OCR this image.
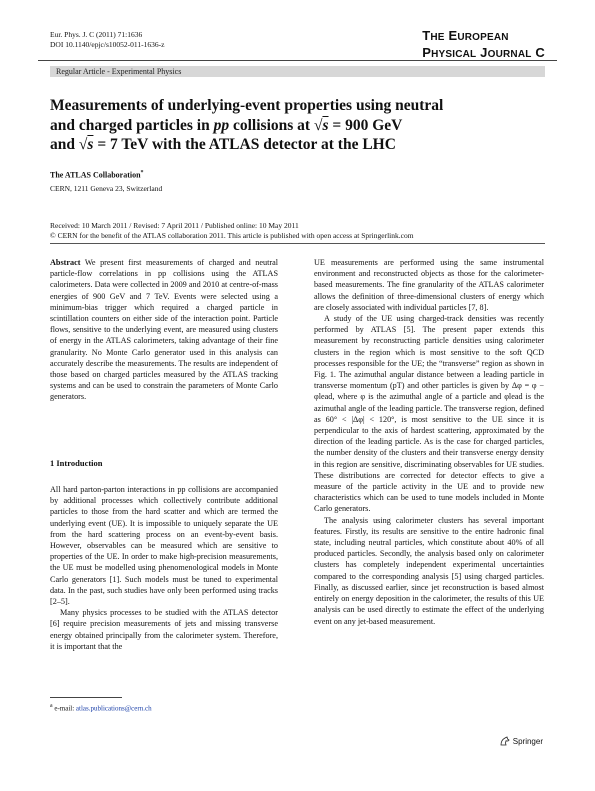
Eur. Phys. J. C (2011) 71:1636
DOI 10.1140/epjc/s10052-011-1636-z
THE EUROPEAN
PHYSICAL JOURNAL C
Regular Article - Experimental Physics
Measurements of underlying-event properties using neutral
and charged particles in pp collisions at √s = 900 GeV
and √s = 7 TeV with the ATLAS detector at the LHC
The ATLAS Collaboration*
CERN, 1211 Geneva 23, Switzerland
Received: 10 March 2011 / Revised: 7 April 2011 / Published online: 10 May 2011
© CERN for the benefit of the ATLAS collaboration 2011. This article is published with open access at Springerlink.com

Abstract We present first measurements of charged and neutral particle-flow correlations in pp collisions using the ATLAS calorimeters. Data were collected in 2009 and 2010 at centre-of-mass energies of 900 GeV and 7 TeV. Events were selected using a minimum-bias trigger which required a charged particle in scintillation counters on either side of the interaction point. Particle flows, sensitive to the underlying event, are measured using clusters of energy in the ATLAS calorimeters, taking advantage of their fine granularity. No Monte Carlo generator used in this analysis can accurately describe the measurements. The results are independent of those based on charged particles measured by the ATLAS tracking systems and can be used to constrain the parameters of Monte Carlo generators.

1 Introduction

All hard parton-parton interactions in pp collisions are accompanied by additional processes which collectively contribute additional particles to those from the hard scatter and which are termed the underlying event (UE). It is impossible to uniquely separate the UE from the hard scattering process on an event-by-event basis. However, observables can be measured which are sensitive to properties of the UE. In order to make high-precision measurements, the UE must be modelled using phenomenological models in Monte Carlo generators [1]. Such models must be tuned to experimental data. In the past, such studies have only been performed using tracks [2–5].

Many physics processes to be studied with the ATLAS detector [6] require precision measurements of jets and missing transverse energy obtained principally from the calorimeter system. Therefore, it is important that the

UE measurements are performed using the same instrumental environment and reconstructed objects as those for the calorimeter-based measurements. The fine granularity of the ATLAS calorimeter allows the definition of three-dimensional clusters of energy which are closely associated with individual particles [7, 8].

A study of the UE using charged-track densities was recently performed by ATLAS [5]. The present paper extends this measurement by reconstructing particle densities using calorimeter clusters in the region which is most sensitive to the soft QCD processes responsible for the UE; the “transverse” region as shown in Fig. 1. The azimuthal angular distance between a leading particle in transverse momentum (pT) and other particles is given by Δφ = φ − φlead, where φ is the azimuthal angle of a particle and φlead is the azimuthal angle of the leading particle. The transverse region, defined as 60° < |Δφ| < 120°, is most sensitive to the UE since it is perpendicular to the axis of hardest scattering, approximated by the direction of the leading particle. As is the case for charged particles, the number density of the clusters and their transverse energy density in this region are sensitive, discriminating observables for UE studies. These distributions are corrected for detector effects to give a measure of the particle activity in the UE and to provide new characteristics which can be used to tune models included in Monte Carlo generators.

The analysis using calorimeter clusters has several important features. Firstly, its results are sensitive to the entire hadronic final state, including neutral particles, which constitute about 40% of all produced particles. Secondly, the analysis based only on calorimeter clusters has completely independent experimental uncertainties compared to the corresponding analysis [5] using charged particles. Finally, as discussed earlier, since jet reconstruction is based almost entirely on energy deposition in the calorimeter, the results of this UE analysis can be used directly to estimate the effect of the underlying event on any jet-based measurement.

$^a$ e-mail: atlas.publications@cern.ch
Springer
